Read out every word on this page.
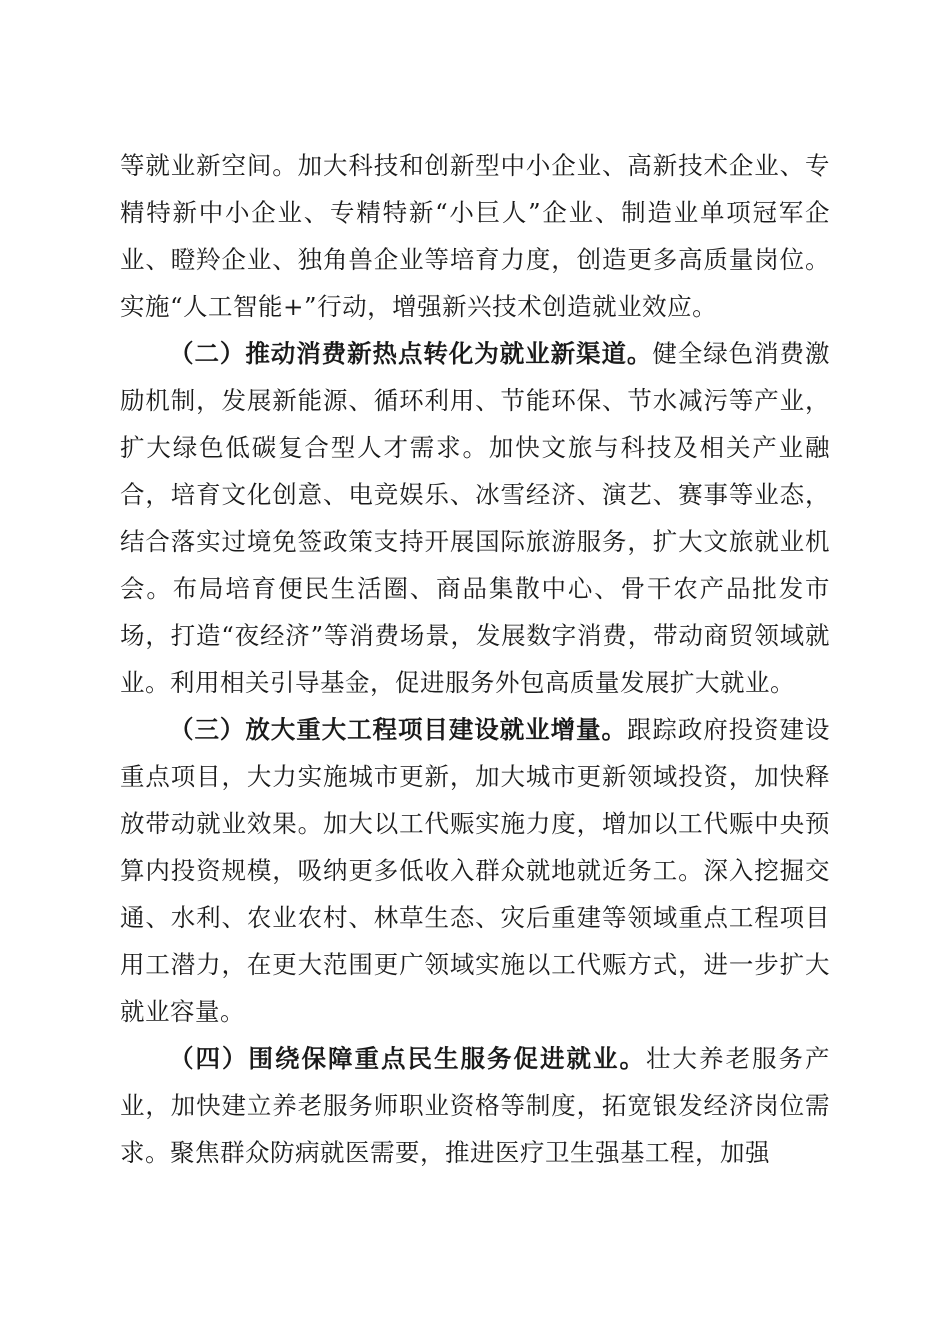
等就业新空间。加大科技和创新型中小企业、高新技术企业、专精特新中小企业、专精特新“小巨人”企业、制造业单项冠军企业、瞪羚企业、独角兽企业等培育力度，创造更多高质量岗位。实施“人工智能+”行动，增强新兴技术创造就业效应。

（二）推动消费新热点转化为就业新渠道。健全绿色消费激励机制，发展新能源、循环利用、节能环保、节水减污等产业，扩大绿色低碳复合型人才需求。加快文旅与科技及相关产业融合，培育文化创意、电竞娱乐、冰雪经济、演艺、赛事等业态，结合落实过境免签政策支持开展国际旅游服务，扩大文旅就业机会。布局培育便民生活圈、商品集散中心、骨干农产品批发市场，打造“夜经济”等消费场景，发展数字消费，带动商贸领域就业。利用相关引导基金，促进服务外包高质量发展扩大就业。

（三）放大重大工程项目建设就业增量。跟踪政府投资建设重点项目，大力实施城市更新，加大城市更新领域投资，加快释放带动就业效果。加大以工代赈实施力度，增加以工代赈中央预算内投资规模，吸纳更多低收入群众就地就近务工。深入挖掘交通、水利、农业农村、林草生态、灾后重建等领域重点工程项目用工潜力，在更大范围更广领域实施以工代赈方式，进一步扩大就业容量。

（四）围绕保障重点民生服务促进就业。壮大养老服务产业，加快建立养老服务师职业资格等制度，拓宽银发经济岗位需求。聚焦群众防病就医需要，推进医疗卫生强基工程，加强
